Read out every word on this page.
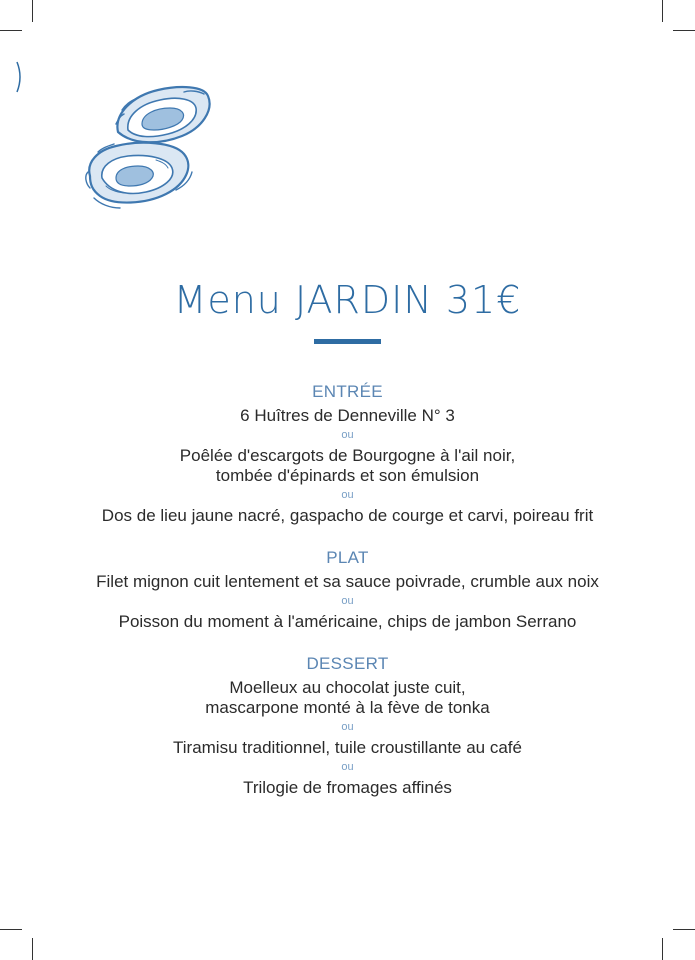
Menu JARDIN 31€
ENTRÉE
6 Huîtres de Denneville N° 3
ou
Poêlée d'escargots de Bourgogne à l'ail noir,
tombée d'épinards et son émulsion
ou
Dos de lieu jaune nacré, gaspacho de courge et carvi, poireau frit
PLAT
Filet mignon cuit lentement et sa sauce poivrade, crumble aux noix
ou
Poisson du moment à l'américaine, chips de jambon Serrano
DESSERT
Moelleux au chocolat juste cuit,
mascarpone monté à la fève de tonka
ou
Tiramisu traditionnel, tuile croustillante au café
ou
Trilogie de fromages affinés
